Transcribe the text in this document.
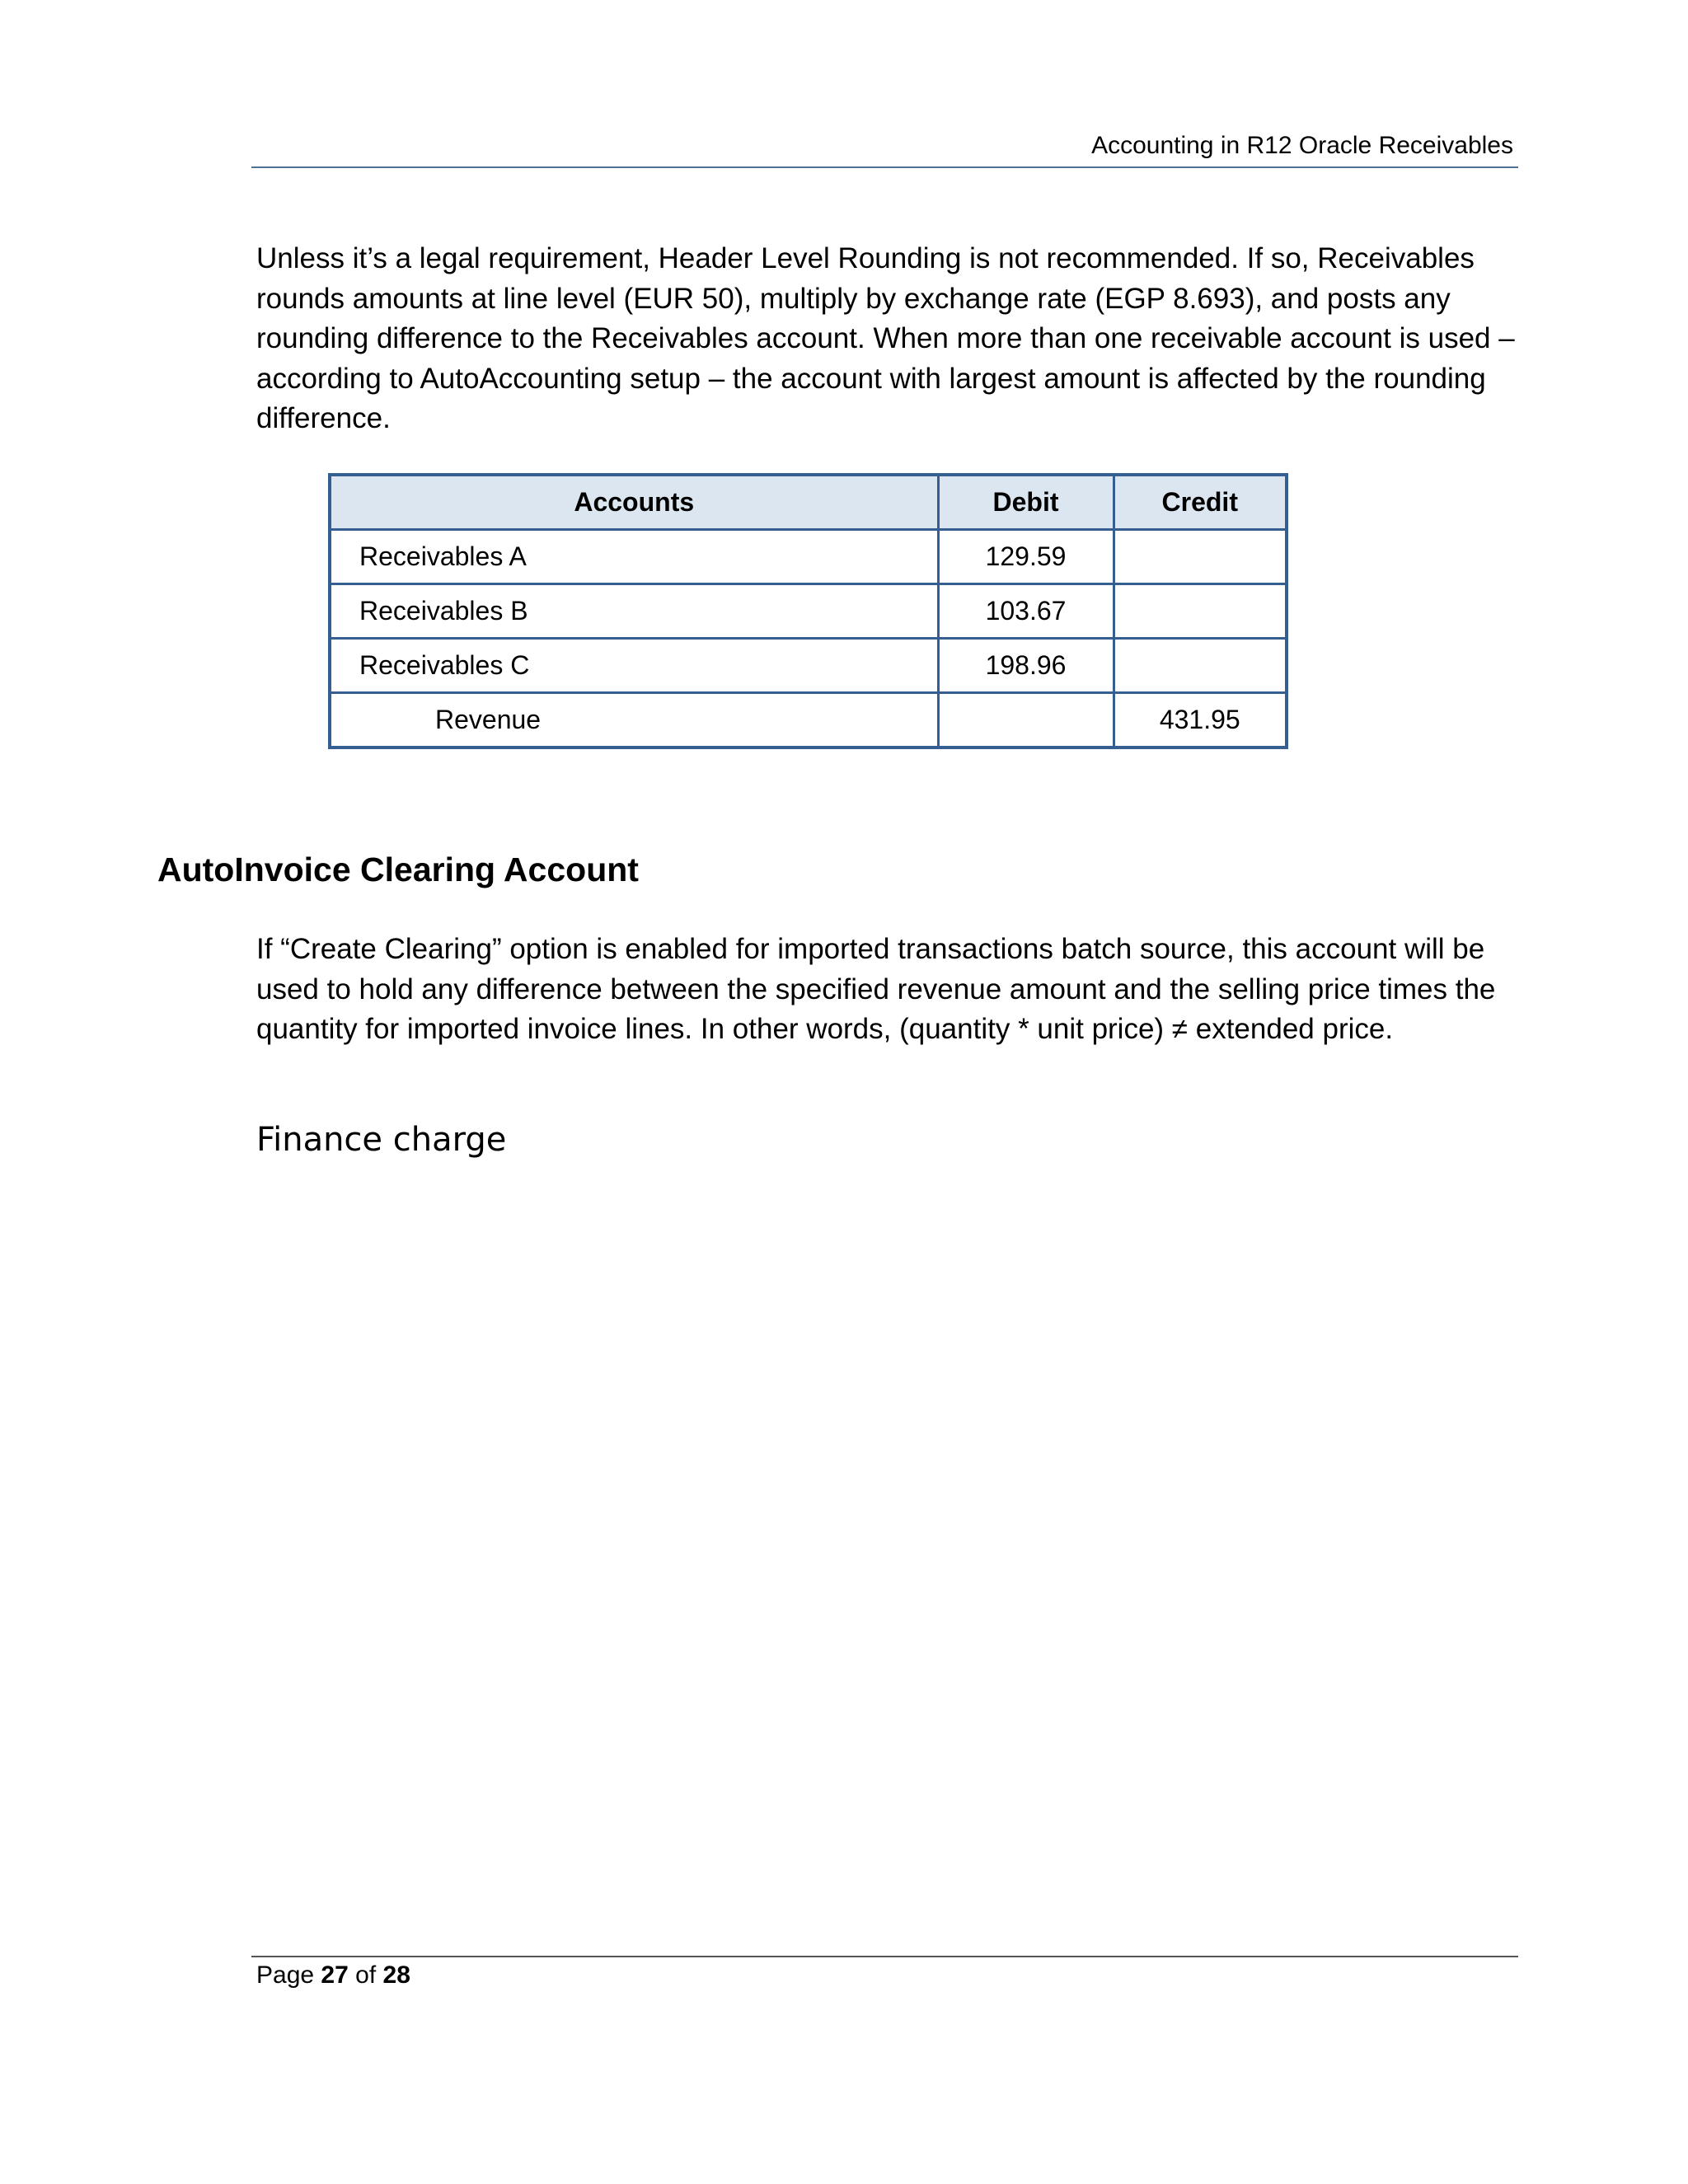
Accounting in R12 Oracle Receivables
Unless it’s a legal requirement, Header Level Rounding is not recommended. If so, Receivables rounds amounts at line level (EUR 50), multiply by exchange rate (EGP 8.693), and posts any rounding difference to the Receivables account. When more than one receivable account is used – according to AutoAccounting setup – the account with largest amount is affected by the rounding difference.
Accounts	Debit	Credit
Receivables A	129.59	
Receivables B	103.67	
Receivables C	198.96	
Revenue		431.95
AutoInvoice Clearing Account
If “Create Clearing” option is enabled for imported transactions batch source, this account will be used to hold any difference between the specified revenue amount and the selling price times the quantity for imported invoice lines. In other words, (quantity * unit price) ≠ extended price.
Finance charge
Page 27 of 28
